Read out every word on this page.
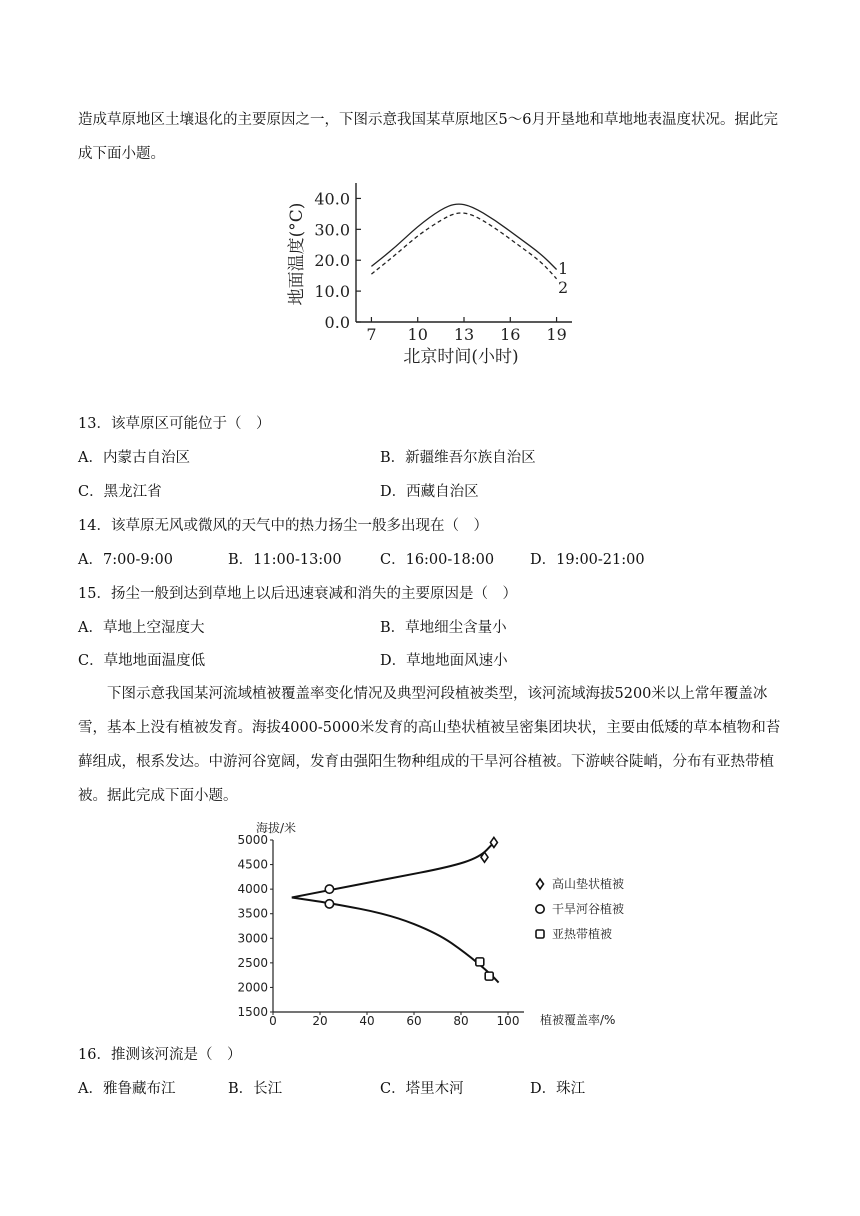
造成草原地区土壤退化的主要原因之一，下图示意我国某草原地区5～6月开垦地和草地地表温度状况。据此完成下面小题。

40.0
30.0
20.0
10.0
0.0
7 10 13 16 19
地面温度(°C)
北京时间(小时)
1
2
13．该草原区可能位于（　）
A．内蒙古自治区	B．新疆维吾尔族自治区
C．黑龙江省	D．西藏自治区
14．该草原无风或微风的天气中的热力扬尘一般多出现在（　）
A．7:00-9:00	B．11:00-13:00	C．16:00-18:00 D．19:00-21:00
15．扬尘一般到达到草地上以后迅速衰减和消失的主要原因是（　）
A．草地上空湿度大	B．草地细尘含量小
C．草地地面温度低	D．草地地面风速小

下图示意我国某河流域植被覆盖率变化情况及典型河段植被类型，该河流域海拔5200米以上常年覆盖冰雪，基本上没有植被发育。海拔4000-5000米发育的高山垫状植被呈密集团块状，主要由低矮的草本植物和苔藓组成，根系发达。中游河谷宽阔，发育由强阳生物种组成的干旱河谷植被。下游峡谷陡峭，分布有亚热带植被。据此完成下面小题。

海拔/米
5000
4500
4000
3500
3000
2500
2000
1500
0	20	40	60	80 100 植被覆盖率/%
高山垫状植被
干旱河谷植被
亚热带植被
16．推测该河流是（　）
A．雅鲁藏布江	B．长江	C．塔里木河	D．珠江
